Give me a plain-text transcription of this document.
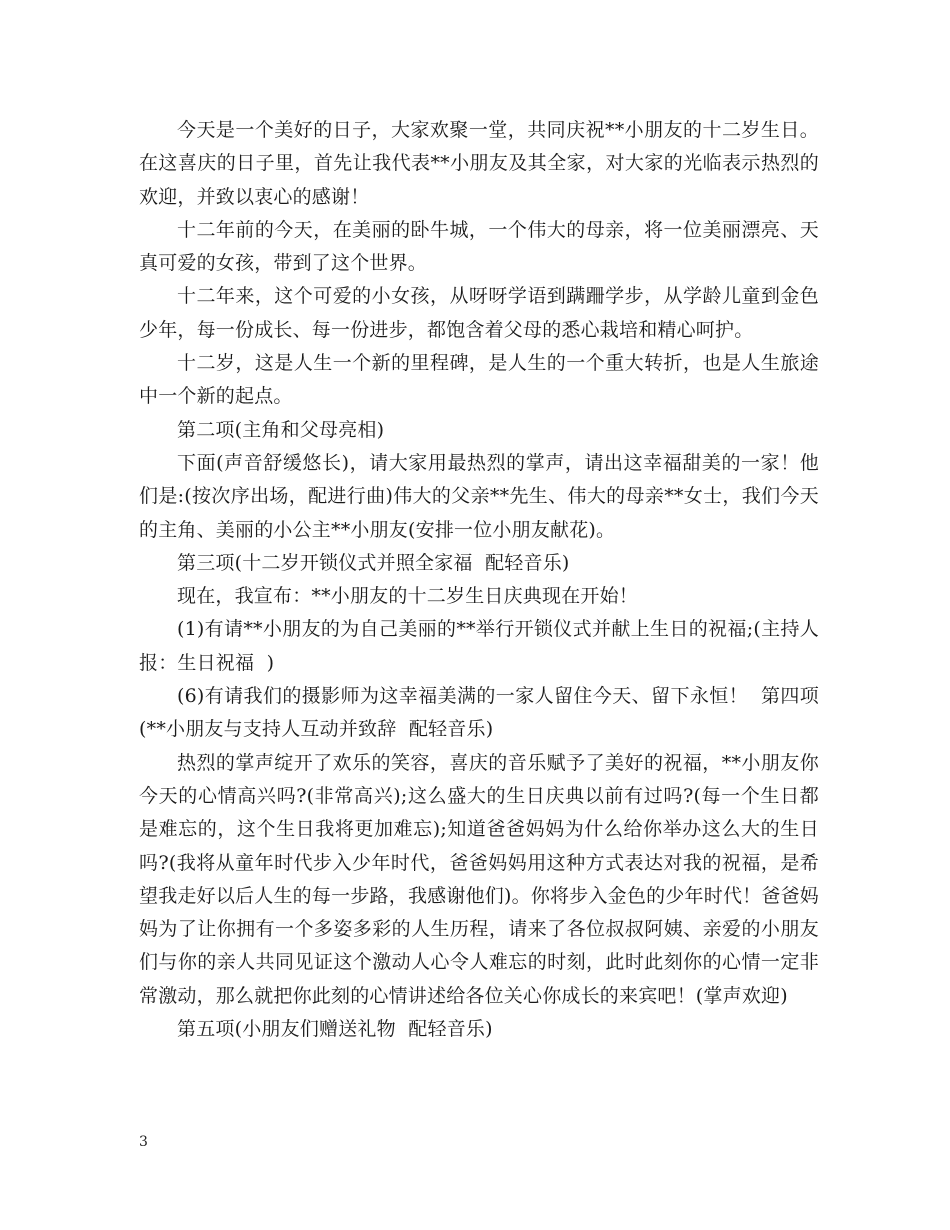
今天是一个美好的日子，大家欢聚一堂，共同庆祝**小朋友的十二岁生日。在这喜庆的日子里，首先让我代表**小朋友及其全家，对大家的光临表示热烈的欢迎，并致以衷心的感谢！

十二年前的今天，在美丽的卧牛城，一个伟大的母亲，将一位美丽漂亮、天真可爱的女孩，带到了这个世界。

十二年来，这个可爱的小女孩，从呀呀学语到蹒跚学步，从学龄儿童到金色少年，每一份成长、每一份进步，都饱含着父母的悉心栽培和精心呵护。

十二岁，这是人生一个新的里程碑，是人生的一个重大转折，也是人生旅途中一个新的起点。

第二项(主角和父母亮相)

下面(声音舒缓悠长)，请大家用最热烈的掌声，请出这幸福甜美的一家！他们是:(按次序出场，配进行曲)伟大的父亲**先生、伟大的母亲**女士，我们今天的主角、美丽的小公主**小朋友(安排一位小朋友献花)。

第三项(十二岁开锁仪式并照全家福  配轻音乐)

现在，我宣布：**小朋友的十二岁生日庆典现在开始！

(1)有请**小朋友的为自己美丽的**举行开锁仪式并献上生日的祝福;(主持人报：生日祝福  )

(6)有请我们的摄影师为这幸福美满的一家人留住今天、留下永恒！  第四项(**小朋友与支持人互动并致辞  配轻音乐)

热烈的掌声绽开了欢乐的笑容，喜庆的音乐赋予了美好的祝福，**小朋友你今天的心情高兴吗?(非常高兴);这么盛大的生日庆典以前有过吗?(每一个生日都是难忘的，这个生日我将更加难忘);知道爸爸妈妈为什么给你举办这么大的生日吗?(我将从童年时代步入少年时代，爸爸妈妈用这种方式表达对我的祝福，是希望我走好以后人生的每一步路，我感谢他们)。你将步入金色的少年时代！爸爸妈妈为了让你拥有一个多姿多彩的人生历程，请来了各位叔叔阿姨、亲爱的小朋友们与你的亲人共同见证这个激动人心令人难忘的时刻，此时此刻你的心情一定非常激动，那么就把你此刻的心情讲述给各位关心你成长的来宾吧！(掌声欢迎)

第五项(小朋友们赠送礼物  配轻音乐)

3
